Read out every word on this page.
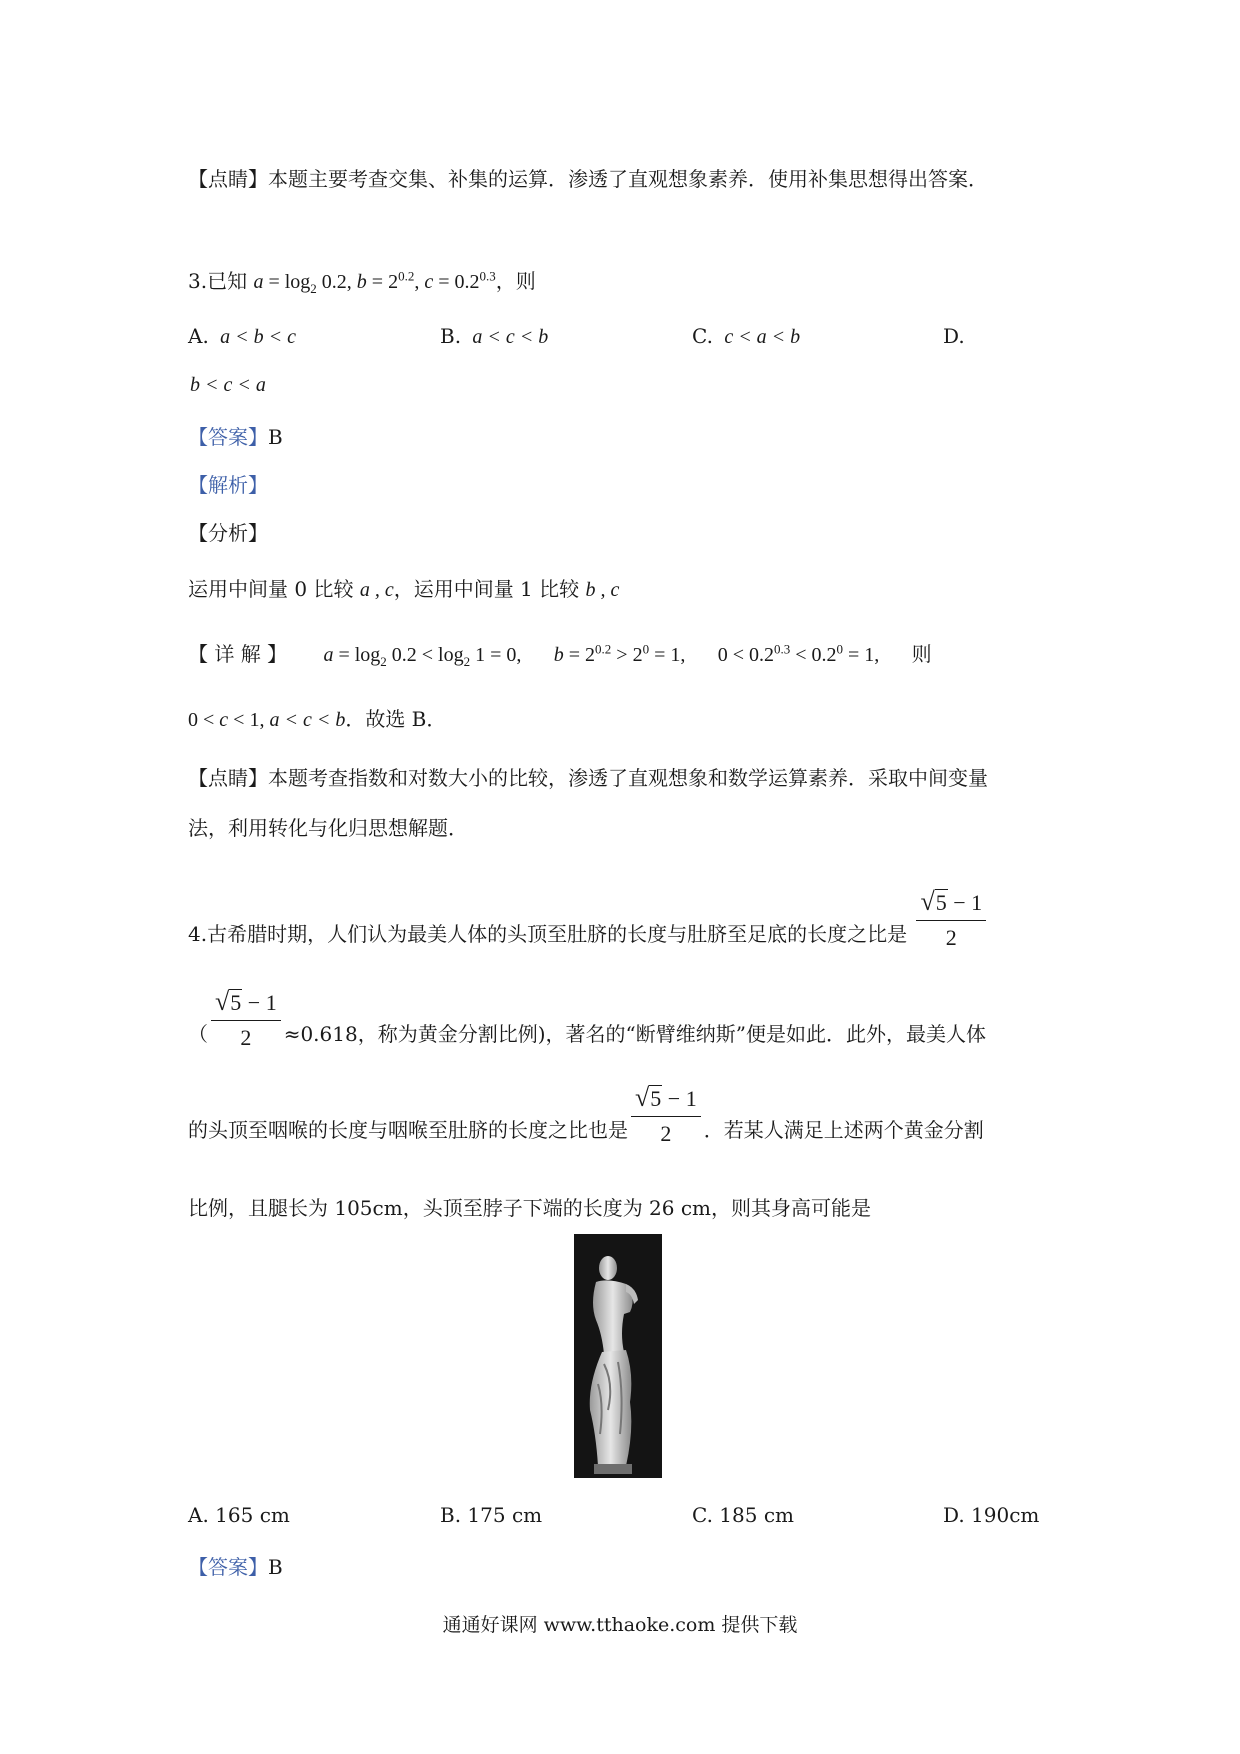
【点睛】本题主要考查交集、补集的运算．渗透了直观想象素养．使用补集思想得出答案．
3.已知 $a = \log_2 0.2$, $b = 2^{0.2}$, $c = 0.2^{0.3}$，则
A.  a < b < c	B.  a < c < b	C.  c < a < b	D.
b < c < a
【答案】B
【解析】
【分析】
运用中间量 0 比较 a , c，运用中间量 1 比较 b , c
【 详 解 】 $a = \log_2 0.2 < \log_2 1 = 0$, $b = 2^{0.2} > 2^0 = 1$, $0 < 0.2^{0.3} < 0.2^0 = 1$, 则
0 < c < 1, a < c < b．故选 B．
【点睛】本题考查指数和对数大小的比较，渗透了直观想象和数学运算素养．采取中间变量
法，利用转化与化归思想解题．
4.古希腊时期，人们认为最美人体的头顶至肚脐的长度与肚脐至足底的长度之比是 $\frac{√5 - 1}{2}$
（ $\frac{√5 - 1}{2} \approx 0.618$，称为黄金分割比例)，著名的“断臂维纳斯”便是如此．此外，最美人体
的头顶至咽喉的长度与咽喉至肚脐的长度之比也是 $\frac{√5 - 1}{2}$ ．若某人满足上述两个黄金分割
比例，且腿长为 105cm，头顶至脖子下端的长度为 26 cm，则其身高可能是
A. 165 cm	B. 175 cm	C. 185 cm	D. 190cm
【答案】B
通通好课网 www.tthaoke.com 提供下载
